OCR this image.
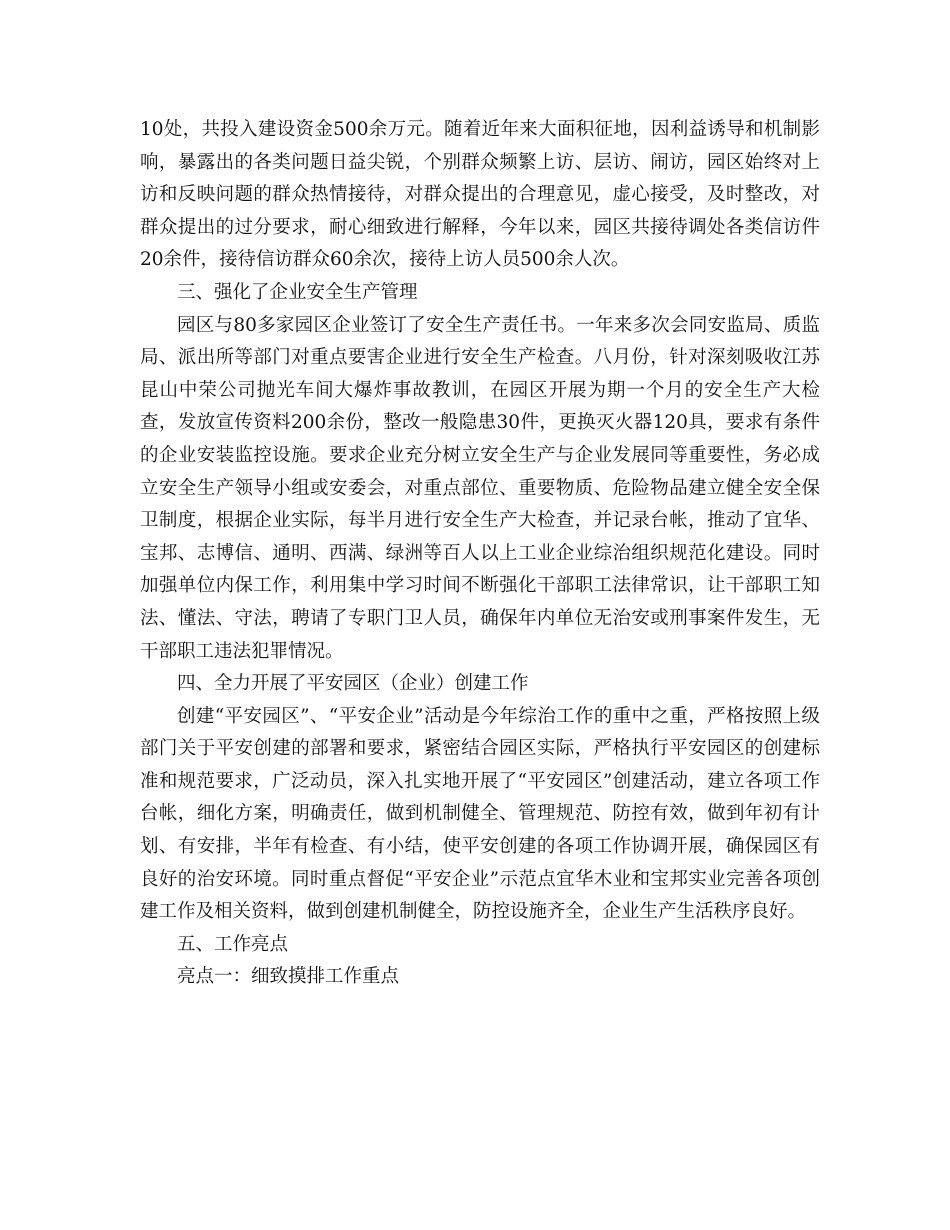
10处，共投入建设资金500余万元。随着近年来大面积征地，因利益诱导和机制影响，暴露出的各类问题日益尖锐，个别群众频繁上访、层访、闹访，园区始终对上访和反映问题的群众热情接待，对群众提出的合理意见，虚心接受，及时整改，对群众提出的过分要求，耐心细致进行解释，今年以来，园区共接待调处各类信访件20余件，接待信访群众60余次，接待上访人员500余人次。

三、强化了企业安全生产管理

园区与80多家园区企业签订了安全生产责任书。一年来多次会同安监局、质监局、派出所等部门对重点要害企业进行安全生产检查。八月份，针对深刻吸收江苏昆山中荣公司抛光车间大爆炸事故教训，在园区开展为期一个月的安全生产大检查，发放宣传资料200余份，整改一般隐患30件，更换灭火器120具，要求有条件的企业安装监控设施。要求企业充分树立安全生产与企业发展同等重要性，务必成立安全生产领导小组或安委会，对重点部位、重要物质、危险物品建立健全安全保卫制度，根据企业实际，每半月进行安全生产大检查，并记录台帐，推动了宜华、宝邦、志博信、通明、西满、绿洲等百人以上工业企业综治组织规范化建设。同时加强单位内保工作，利用集中学习时间不断强化干部职工法律常识，让干部职工知法、懂法、守法，聘请了专职门卫人员，确保年内单位无治安或刑事案件发生，无干部职工违法犯罪情况。

四、全力开展了平安园区（企业）创建工作

创建“平安园区”、“平安企业”活动是今年综治工作的重中之重，严格按照上级部门关于平安创建的部署和要求，紧密结合园区实际，严格执行平安园区的创建标准和规范要求，广泛动员，深入扎实地开展了“平安园区”创建活动，建立各项工作台帐，细化方案，明确责任，做到机制健全、管理规范、防控有效，做到年初有计划、有安排，半年有检查、有小结，使平安创建的各项工作协调开展，确保园区有良好的治安环境。同时重点督促“平安企业”示范点宜华木业和宝邦实业完善各项创建工作及相关资料，做到创建机制健全，防控设施齐全，企业生产生活秩序良好。

五、工作亮点

亮点一：细致摸排工作重点
